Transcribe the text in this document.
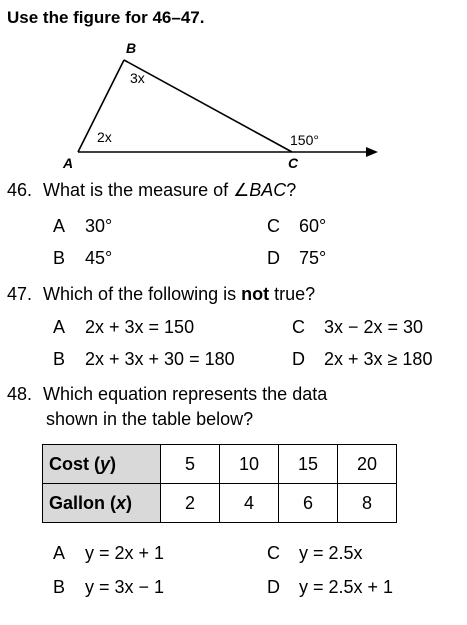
Use the figure for 46–47.
B
3x
2x
A
150°
C
46. What is the measure of ∠BAC?
A 30°
B 45°
C 60°
D 75°
47. Which of the following is not true?
A 2x + 3x = 150
B 2x + 3x + 30 = 180
C 3x − 2x = 30
D 2x + 3x ≥ 180
48. Which equation represents the data
shown in the table below?
Cost (y)	5	10	15	20
Gallon (x)	2	4	6	8
A y = 2x + 1
B y = 3x − 1
C y = 2.5x
D y = 2.5x + 1
